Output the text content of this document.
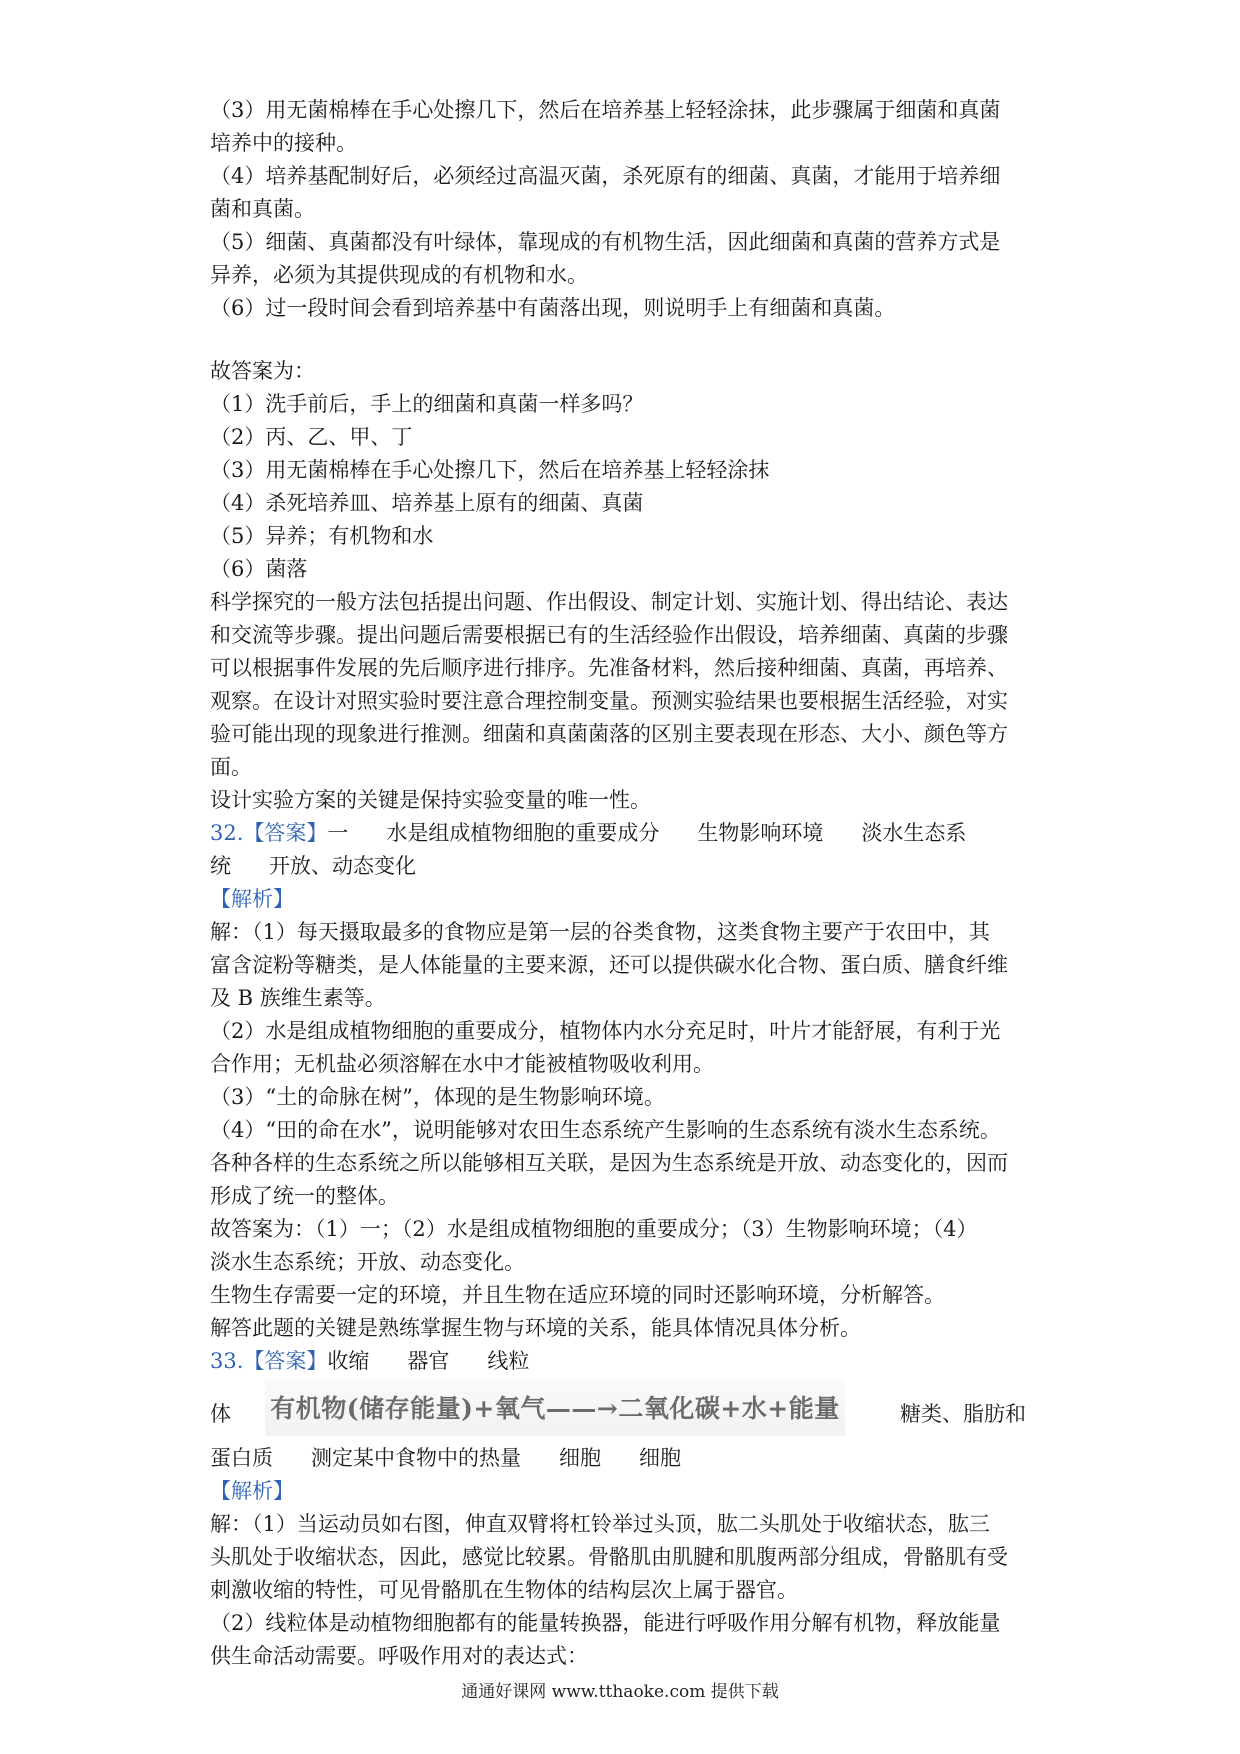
（3）用无菌棉棒在手心处擦几下，然后在培养基上轻轻涂抹，此步骤属于细菌和真菌
培养中的接种。
（4）培养基配制好后，必须经过高温灭菌，杀死原有的细菌、真菌，才能用于培养细
菌和真菌。
（5）细菌、真菌都没有叶绿体，靠现成的有机物生活，因此细菌和真菌的营养方式是
异养，必须为其提供现成的有机物和水。
（6）过一段时间会看到培养基中有菌落出现，则说明手上有细菌和真菌。
故答案为：
（1）洗手前后，手上的细菌和真菌一样多吗？
（2）丙、乙、甲、丁
（3）用无菌棉棒在手心处擦几下，然后在培养基上轻轻涂抹
（4）杀死培养皿、培养基上原有的细菌、真菌
（5）异养；有机物和水
（6）菌落
科学探究的一般方法包括提出问题、作出假设、制定计划、实施计划、得出结论、表达
和交流等步骤。提出问题后需要根据已有的生活经验作出假设，培养细菌、真菌的步骤
可以根据事件发展的先后顺序进行排序。先准备材料，然后接种细菌、真菌，再培养、
观察。在设计对照实验时要注意合理控制变量。预测实验结果也要根据生活经验，对实
验可能出现的现象进行推测。细菌和真菌菌落的区别主要表现在形态、大小、颜色等方
面。
设计实验方案的关键是保持实验变量的唯一性。
32.【答案】一 水是组成植物细胞的重要成分 生物影响环境 淡水生态系
统 开放、动态变化
【解析】
解：（1）每天摄取最多的食物应是第一层的谷类食物，这类食物主要产于农田中，其
富含淀粉等糖类，是人体能量的主要来源，还可以提供碳水化合物、蛋白质、膳食纤维
及 B 族维生素等。
（2）水是组成植物细胞的重要成分，植物体内水分充足时，叶片才能舒展，有利于光
合作用；无机盐必须溶解在水中才能被植物吸收利用。
（3）“土的命脉在树”，体现的是生物影响环境。
（4）“田的命在水”，说明能够对农田生态系统产生影响的生态系统有淡水生态系统。
各种各样的生态系统之所以能够相互关联，是因为生态系统是开放、动态变化的，因而
形成了统一的整体。
故答案为：（1）一；（2）水是组成植物细胞的重要成分；（3）生物影响环境；（4）
淡水生态系统；开放、动态变化。
生物生存需要一定的环境，并且生物在适应环境的同时还影响环境，分析解答。
解答此题的关键是熟练掌握生物与环境的关系，能具体情况具体分析。
33.【答案】收缩 器官 线粒
体 有机物(储存能量)+氧气——→二氧化碳+水+能量	糖类、脂肪和
蛋白质 测定某中食物中的热量 细胞 细胞
【解析】
解：（1）当运动员如右图，伸直双臂将杠铃举过头顶，肱二头肌处于收缩状态，肱三
头肌处于收缩状态，因此，感觉比较累。骨骼肌由肌腱和肌腹两部分组成，骨骼肌有受
刺激收缩的特性，可见骨骼肌在生物体的结构层次上属于器官。
（2）线粒体是动植物细胞都有的能量转换器，能进行呼吸作用分解有机物，释放能量
供生命活动需要。呼吸作用对的表达式：
通通好课网 www.tthaoke.com 提供下载
